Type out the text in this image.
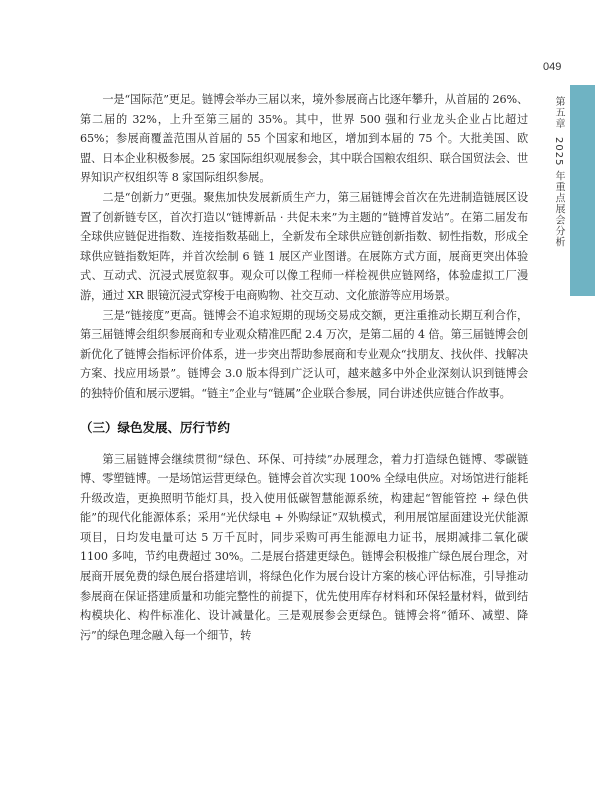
049
第五章2025 年重点展会分析

一是“国际范”更足。链博会举办三届以来，境外参展商占比逐年攀升，从首届的 26%、第二届的 32%，上升至第三届的 35%。其中，世界 500 强和行业龙头企业占比超过 65%；参展商覆盖范围从首届的 55 个国家和地区，增加到本届的 75 个。大批美国、欧盟、日本企业积极参展。25 家国际组织观展参会，其中联合国粮农组织、联合国贸法会、世界知识产权组织等 8 家国际组织参展。

二是“创新力”更强。聚焦加快发展新质生产力，第三届链博会首次在先进制造链展区设置了创新链专区，首次打造以“链博新品 · 共促未来”为主题的“链博首发站”。在第二届发布全球供应链促进指数、连接指数基础上，全新发布全球供应链创新指数、韧性指数，形成全球供应链指数矩阵，并首次绘制 6 链 1 展区产业图谱。在展陈方式方面，展商更突出体验式、互动式、沉浸式展览叙事。观众可以像工程师一样检视供应链网络，体验虚拟工厂漫游，通过 XR 眼镜沉浸式穿梭于电商购物、社交互动、文化旅游等应用场景。

三是“链接度”更高。链博会不追求短期的现场交易成交额，更注重推动长期互利合作，第三届链博会组织参展商和专业观众精准匹配 2.4 万次，是第二届的 4 倍。第三届链博会创新优化了链博会指标评价体系，进一步突出帮助参展商和专业观众“找朋友、找伙伴、找解决方案、找应用场景”。链博会 3.0 版本得到广泛认可，越来越多中外企业深刻认识到链博会的独特价值和展示逻辑。“链主”企业与“链属”企业联合参展，同台讲述供应链合作故事。

（三）绿色发展、厉行节约

第三届链博会继续贯彻“绿色、环保、可持续”办展理念，着力打造绿色链博、零碳链博、零塑链博。一是场馆运营更绿色。链博会首次实现 100% 全绿电供应。对场馆进行能耗升级改造，更换照明节能灯具，投入使用低碳智慧能源系统，构建起“智能管控 + 绿色供能”的现代化能源体系；采用“光伏绿电 + 外购绿证”双轨模式，利用展馆屋面建设光伏能源项目，日均发电量可达 5 万千瓦时，同步采购可再生能源电力证书，展期减排二氧化碳 1100 多吨，节约电费超过 30%。二是展台搭建更绿色。链博会积极推广绿色展台理念，对展商开展免费的绿色展台搭建培训，将绿色化作为展台设计方案的核心评估标准，引导推动参展商在保证搭建质量和功能完整性的前提下，优先使用库存材料和环保轻量材料，做到结构模块化、构件标准化、设计减量化。三是观展参会更绿色。链博会将“循环、减塑、降污”的绿色理念融入每一个细节，转
